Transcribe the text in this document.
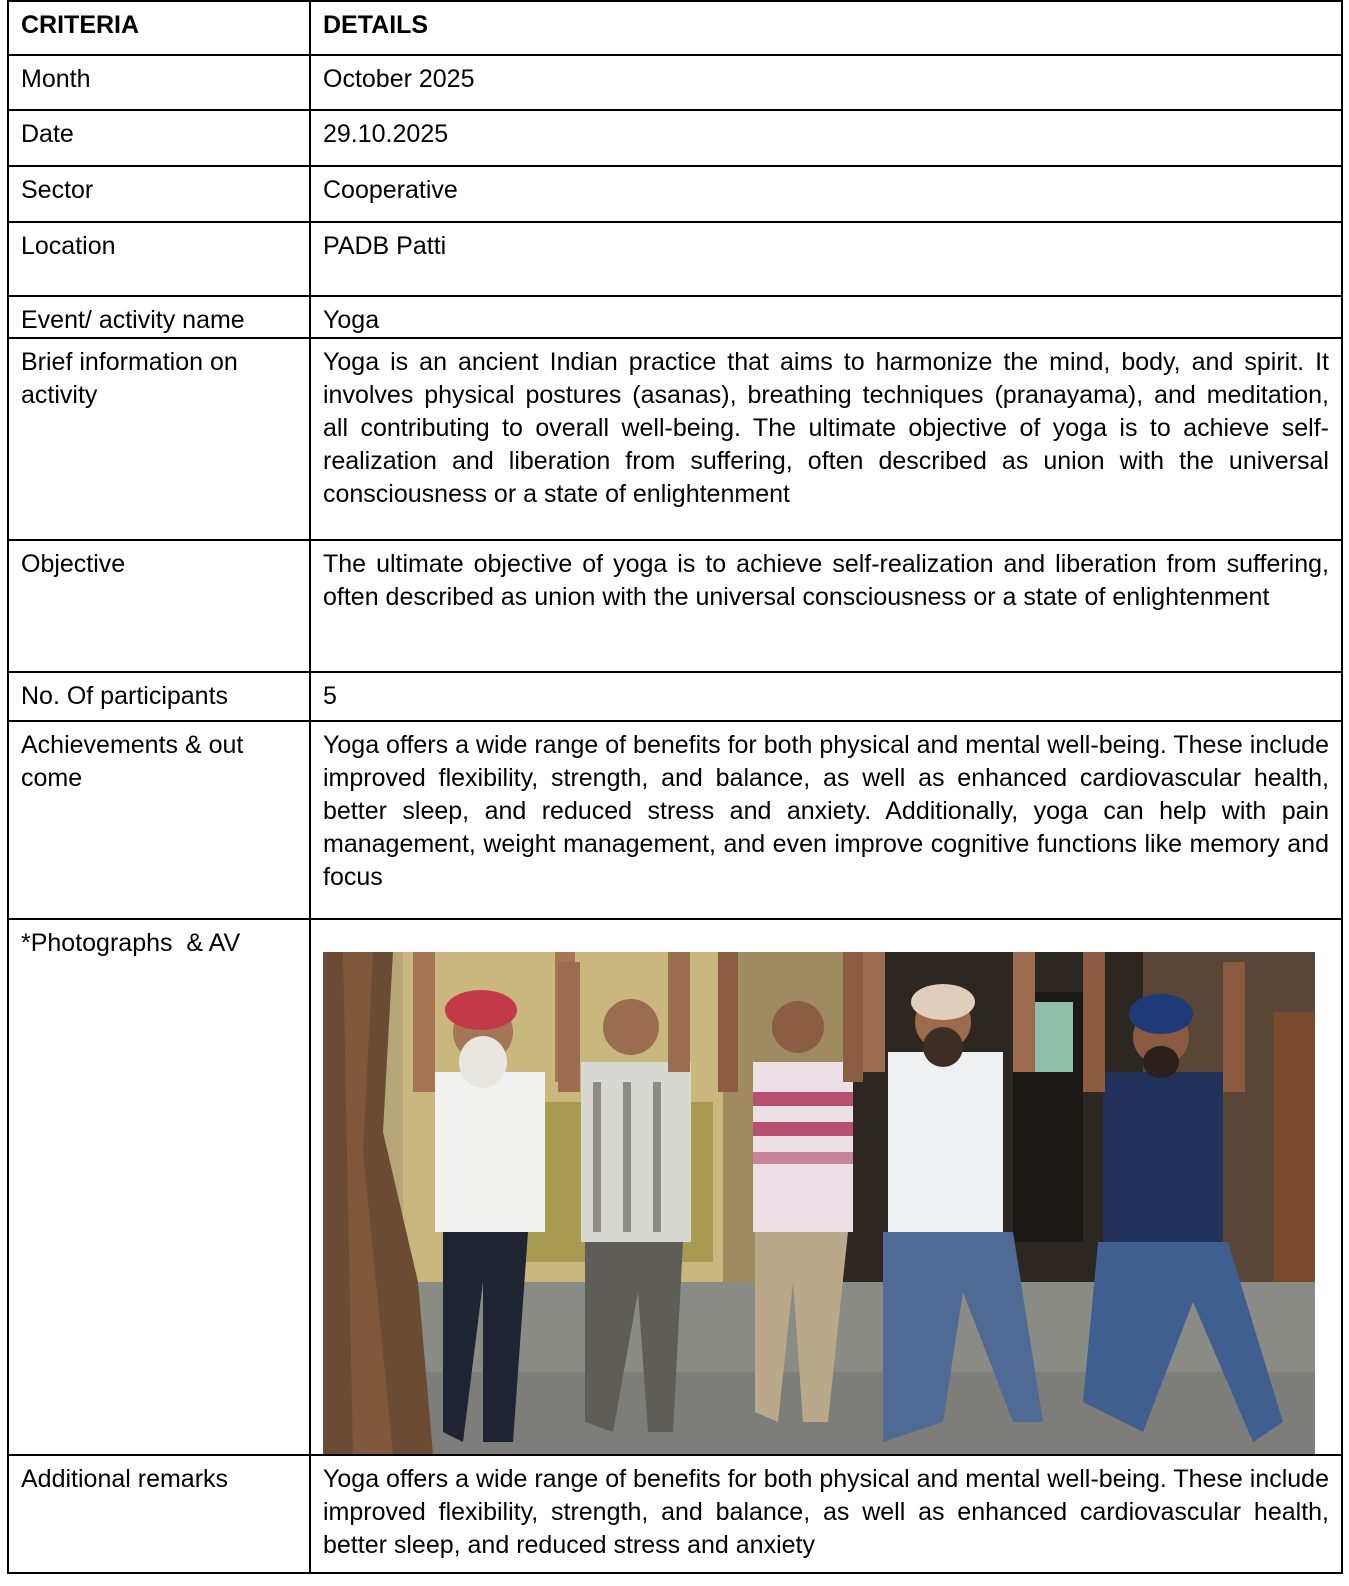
CRITERIA	DETAILS
Month	October 2025
Date	29.10.2025
Sector	Cooperative
Location	PADB Patti
Event/ activity name	Yoga
Brief information on activity	Yoga is an ancient Indian practice that aims to harmonize the mind, body, and spirit. It involves physical postures (asanas), breathing techniques (pranayama), and meditation, all contributing to overall well-being. The ultimate objective of yoga is to achieve self-realization and liberation from suffering, often described as union with the universal consciousness or a state of enlightenment
Objective	The ultimate objective of yoga is to achieve self-realization and liberation from suffering, often described as union with the universal consciousness or a state of enlightenment
No. Of participants	5
Achievements & out come	Yoga offers a wide range of benefits for both physical and mental well-being. These include improved flexibility, strength, and balance, as well as enhanced cardiovascular health, better sleep, and reduced stress and anxiety. Additionally, yoga can help with pain management, weight management, and even improve cognitive functions like memory and focus
*Photographs  & AV	

Additional remarks	Yoga offers a wide range of benefits for both physical and mental well-being. These include improved flexibility, strength, and balance, as well as enhanced cardiovascular health, better sleep, and reduced stress and anxiety
